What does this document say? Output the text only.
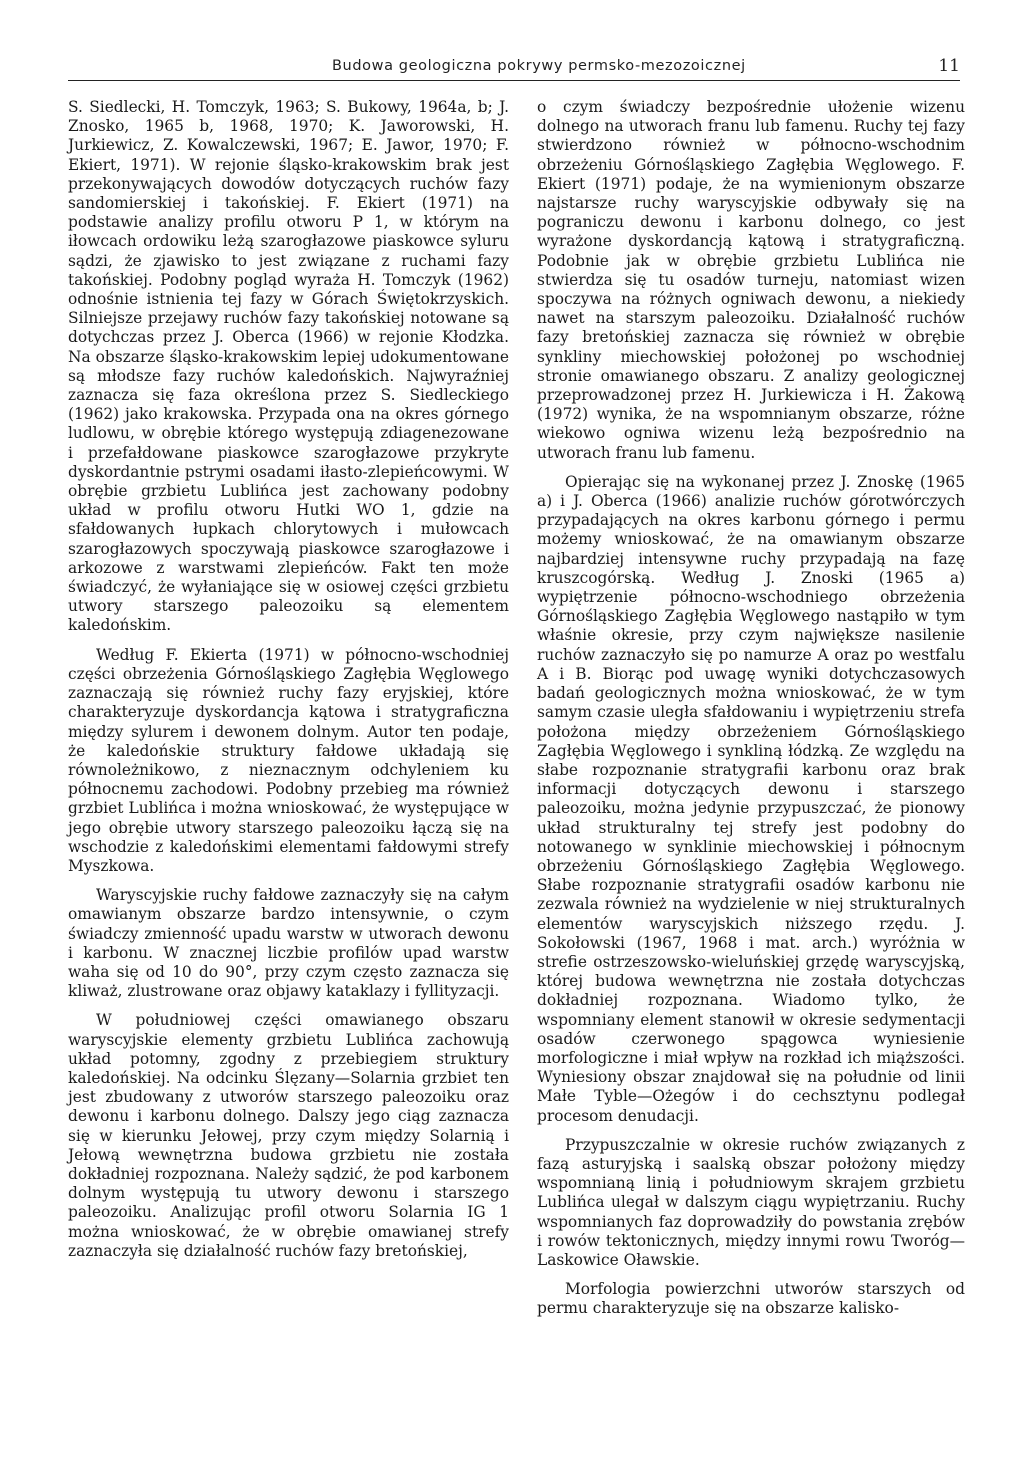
Budowa geologiczna pokrywy permsko-mezozoicznej	11

S. Siedlecki, H. Tomczyk, 1963; S. Bukowy, 1964a, b; J. Znosko, 1965 b, 1968, 1970; K. Jaworowski, H. Jurkiewicz, Z. Kowalczewski, 1967; E. Jawor, 1970; F. Ekiert, 1971). W rejonie śląsko-krakowskim brak jest przekonywających dowodów dotyczących ruchów fazy sandomierskiej i takońskiej. F. Ekiert (1971) na podstawie analizy profilu otworu P 1, w którym na iłowcach ordowiku leżą szarogłazowe piaskowce syluru sądzi, że zjawisko to jest związane z ruchami fazy takońskiej. Podobny pogląd wyraża H. Tomczyk (1962) odnośnie istnienia tej fazy w Górach Świętokrzyskich. Silniejsze przejawy ruchów fazy takońskiej notowane są dotychczas przez J. Oberca (1966) w rejonie Kłodzka. Na obszarze śląsko-krakowskim lepiej udokumentowane są młodsze fazy ruchów kaledońskich. Najwyraźniej zaznacza się faza określona przez S. Siedleckiego (1962) jako krakowska. Przypada ona na okres górnego ludlowu, w obrębie którego występują zdiagenezowane i przefałdowane piaskowce szarogłazowe przykryte dyskordantnie pstrymi osadami iłasto-zlepieńcowymi. W obrębie grzbietu Lublińca jest zachowany podobny układ w profilu otworu Hutki WO 1, gdzie na sfałdowanych łupkach chlorytowych i mułowcach szarogłazowych spoczywają piaskowce szarogłazowe i arkozowe z warstwami zlepieńców. Fakt ten może świadczyć, że wyłaniające się w osiowej części grzbietu utwory starszego paleozoiku są elementem kaledońskim.

Według F. Ekierta (1971) w północno-wschodniej części obrzeżenia Górnośląskiego Zagłębia Węglowego zaznaczają się również ruchy fazy eryjskiej, które charakteryzuje dyskordancja kątowa i stratygraficzna między sylurem i dewonem dolnym. Autor ten podaje, że kaledońskie struktury fałdowe układają się równoleżnikowo, z nieznacznym odchyleniem ku północnemu zachodowi. Podobny przebieg ma również grzbiet Lublińca i można wnioskować, że występujące w jego obrębie utwory starszego paleozoiku łączą się na wschodzie z kaledońskimi elementami fałdowymi strefy Myszkowa.

Waryscyjskie ruchy fałdowe zaznaczyły się na całym omawianym obszarze bardzo intensywnie, o czym świadczy zmienność upadu warstw w utworach dewonu i karbonu. W znacznej liczbie profilów upad warstw waha się od 10 do 90°, przy czym często zaznacza się kliważ, zlustrowane oraz objawy kataklazy i fyllityzacji.

W południowej części omawianego obszaru waryscyjskie elementy grzbietu Lublińca zachowują układ potomny, zgodny z przebiegiem struktury kaledońskiej. Na odcinku Ślęzany—Solarnia grzbiet ten jest zbudowany z utworów starszego paleozoiku oraz dewonu i karbonu dolnego. Dalszy jego ciąg zaznacza się w kierunku Jełowej, przy czym między Solarnią i Jełową wewnętrzna budowa grzbietu nie została dokładniej rozpoznana. Należy sądzić, że pod karbonem dolnym występują tu utwory dewonu i starszego paleozoiku. Analizując profil otworu Solarnia IG 1 można wnioskować, że w obrębie omawianej strefy zaznaczyła się działalność ruchów fazy bretońskiej,

o czym świadczy bezpośrednie ułożenie wizenu dolnego na utworach franu lub famenu. Ruchy tej fazy stwierdzono również w północno-wschodnim obrzeżeniu Górnośląskiego Zagłębia Węglowego. F. Ekiert (1971) podaje, że na wymienionym obszarze najstarsze ruchy waryscyjskie odbywały się na pograniczu dewonu i karbonu dolnego, co jest wyrażone dyskordancją kątową i stratygraficzną. Podobnie jak w obrębie grzbietu Lublińca nie stwierdza się tu osadów turneju, natomiast wizen spoczywa na różnych ogniwach dewonu, a niekiedy nawet na starszym paleozoiku. Działalność ruchów fazy bretońskiej zaznacza się również w obrębie synkliny miechowskiej położonej po wschodniej stronie omawianego obszaru. Z analizy geologicznej przeprowadzonej przez H. Jurkiewicza i H. Żakową (1972) wynika, że na wspomnianym obszarze, różne wiekowo ogniwa wizenu leżą bezpośrednio na utworach franu lub famenu.

Opierając się na wykonanej przez J. Znoskę (1965 a) i J. Oberca (1966) analizie ruchów górotwórczych przypadających na okres karbonu górnego i permu możemy wnioskować, że na omawianym obszarze najbardziej intensywne ruchy przypadają na fazę kruszcogórską. Według J. Znoski (1965 a) wypiętrzenie północno-wschodniego obrzeżenia Górnośląskiego Zagłębia Węglowego nastąpiło w tym właśnie okresie, przy czym największe nasilenie ruchów zaznaczyło się po namurze A oraz po westfalu A i B. Biorąc pod uwagę wyniki dotychczasowych badań geologicznych można wnioskować, że w tym samym czasie uległa sfałdowaniu i wypiętrzeniu strefa położona między obrzeżeniem Górnośląskiego Zagłębia Węglowego i synkliną łódzką. Ze względu na słabe rozpoznanie stratygrafii karbonu oraz brak informacji dotyczących dewonu i starszego paleozoiku, można jedynie przypuszczać, że pionowy układ strukturalny tej strefy jest podobny do notowanego w synklinie miechowskiej i północnym obrzeżeniu Górnośląskiego Zagłębia Węglowego. Słabe rozpoznanie stratygrafii osadów karbonu nie zezwala również na wydzielenie w niej strukturalnych elementów waryscyjskich niższego rzędu. J. Sokołowski (1967, 1968 i mat. arch.) wyróżnia w strefie ostrzeszowsko-wieluńskiej grzędę waryscyjską, której budowa wewnętrzna nie została dotychczas dokładniej rozpoznana. Wiadomo tylko, że wspomniany element stanowił w okresie sedymentacji osadów czerwonego spągowca wyniesienie morfologiczne i miał wpływ na rozkład ich miąższości. Wyniesiony obszar znajdował się na południe od linii Małe Tyble—Ożegów i do cechsztynu podlegał procesom denudacji.

Przypuszczalnie w okresie ruchów związanych z fazą asturyjską i saalską obszar położony między wspomnianą linią i południowym skrajem grzbietu Lublińca ulegał w dalszym ciągu wypiętrzaniu. Ruchy wspomnianych faz doprowadziły do powstania zrębów i rowów tektonicznych, między innymi rowu Tworóg—Laskowice Oławskie.

Morfologia powierzchni utworów starszych od permu charakteryzuje się na obszarze kalisko-
